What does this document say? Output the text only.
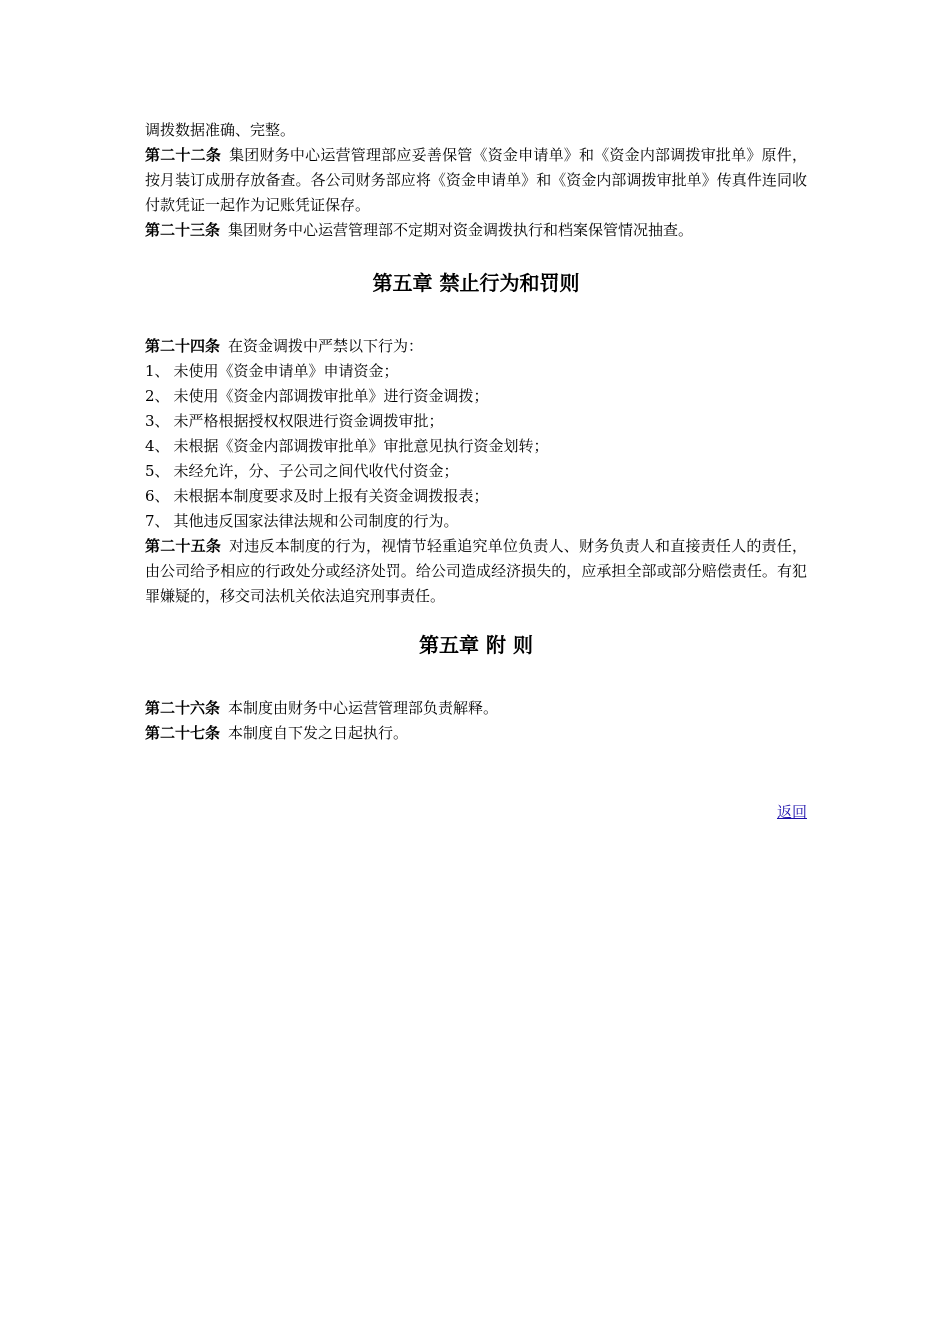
调拨数据准确、完整。

第二十二条 集团财务中心运营管理部应妥善保管《资金申请单》和《资金内部调拨审批单》原件，按月装订成册存放备查。各公司财务部应将《资金申请单》和《资金内部调拨审批单》传真件连同收付款凭证一起作为记账凭证保存。

第二十三条 集团财务中心运营管理部不定期对资金调拨执行和档案保管情况抽查。

第五章 禁止行为和罚则

第二十四条 在资金调拨中严禁以下行为：

1、 未使用《资金申请单》申请资金；

2、 未使用《资金内部调拨审批单》进行资金调拨；

3、 未严格根据授权权限进行资金调拨审批；

4、 未根据《资金内部调拨审批单》审批意见执行资金划转；

5、 未经允许，分、子公司之间代收代付资金；

6、 未根据本制度要求及时上报有关资金调拨报表；

7、 其他违反国家法律法规和公司制度的行为。

第二十五条 对违反本制度的行为，视情节轻重追究单位负责人、财务负责人和直接责任人的责任，由公司给予相应的行政处分或经济处罚。给公司造成经济损失的，应承担全部或部分赔偿责任。有犯罪嫌疑的，移交司法机关依法追究刑事责任。

第五章 附 则

第二十六条 本制度由财务中心运营管理部负责解释。

第二十七条 本制度自下发之日起执行。

返回
